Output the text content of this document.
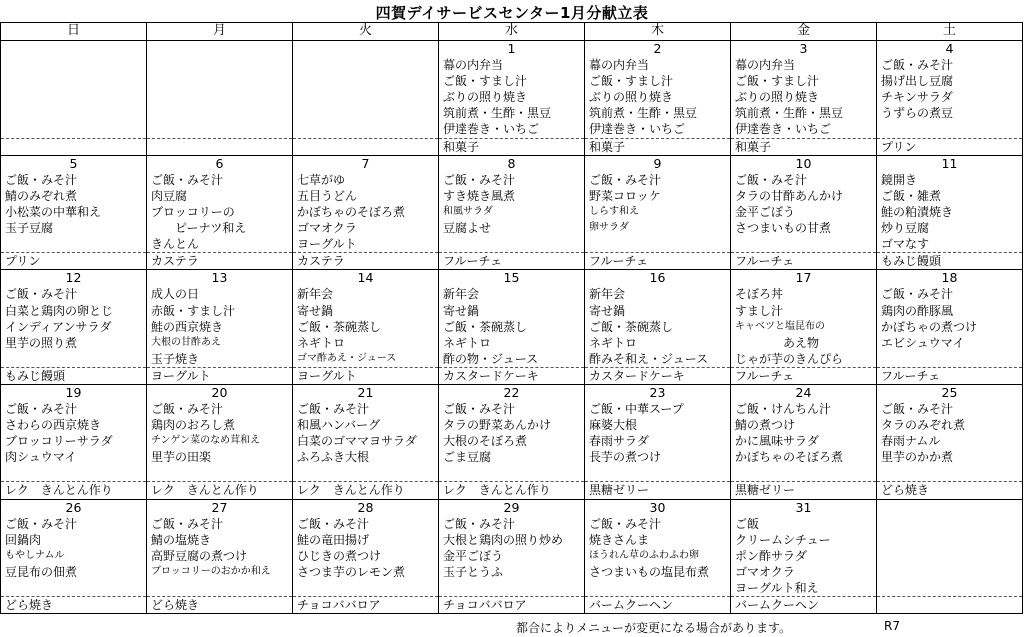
四賀デイサービスセンター1月分献立表
日	月	火	水	木	金	土
			1	2	3	4
			幕の内弁当	幕の内弁当	幕の内弁当	ご飯・みそ汁
			ご飯・すまし汁	ご飯・すまし汁	ご飯・すまし汁	揚げ出し豆腐
			ぶりの照り焼き	ぶりの照り焼き	ぶりの照り焼き	チキンサラダ
			筑前煮・生酢・黒豆	筑前煮・生酢・黒豆	筑前煮・生酢・黒豆	うずらの煮豆
			伊達巻き・いちご	伊達巻き・いちご	伊達巻き・いちご	
			和菓子	和菓子	和菓子	プリン
5	6	7	8	9	10	11
ご飯・みそ汁	ご飯・みそ汁	七草がゆ	ご飯・みそ汁	ご飯・みそ汁	ご飯・みそ汁	鏡開き
鯖のみぞれ煮	肉豆腐	五目うどん	すき焼き風煮	野菜コロッケ	タラの甘酢あんかけ	ご飯・雑煮
小松菜の中華和え	ブロッコリーの	かぼちゃのそぼろ煮	和風サラダ	しらす和え	金平ごぼう	鮭の粕漬焼き
玉子豆腐	　　ピーナツ和え	ゴマオクラ	豆腐よせ	卵サラダ	さつまいもの甘煮	炒り豆腐
	きんとん	ヨーグルト				ゴマなす
プリン	カステラ	カステラ	フルーチェ	フルーチェ	フルーチェ	もみじ饅頭
12	13	14	15	16	17	18
ご飯・みそ汁	成人の日	新年会	新年会	新年会	そぼろ丼	ご飯・みそ汁
白菜と鶏肉の卵とじ	赤飯・すまし汁	寄せ鍋	寄せ鍋	寄せ鍋	すまし汁	鶏肉の酢豚風
インディアンサラダ	鮭の西京焼き	ご飯・茶碗蒸し	ご飯・茶碗蒸し	ご飯・茶碗蒸し	キャベツと塩昆布の	かぼちゃの煮つけ
里芋の照り煮	大根の甘酢あえ	ネギトロ	ネギトロ	ネギトロ	　　　　あえ物	エビシュウマイ
	玉子焼き	ゴマ酢あえ・ジュース	酢の物・ジュース	酢みそ和え・ジュース	じゃが芋のきんぴら	
もみじ饅頭	ヨーグルト	ヨーグルト	カスタードケーキ	カスタードケーキ	フルーチェ	フルーチェ
19	20	21	22	23	24	25
ご飯・みそ汁	ご飯・みそ汁	ご飯・みそ汁	ご飯・みそ汁	ご飯・中華スープ	ご飯・けんちん汁	ご飯・みそ汁
さわらの西京焼き	鶏肉のおろし煮	和風ハンバーグ	タラの野菜あんかけ	麻婆大根	鯖の煮つけ	タラのみぞれ煮
ブロッコリーサラダ	チンゲン菜のなめ茸和え	白菜のゴママヨサラダ	大根のそぼろ煮	春雨サラダ	かに風味サラダ	春雨ナムル
肉シュウマイ	里芋の田楽	ふろふき大根	ごま豆腐	長芋の煮つけ	かぼちゃのそぼろ煮	里芋のかか煮

レク　きんとん作り	レク　きんとん作り	レク　きんとん作り	レク　きんとん作り	黒糖ゼリー	黒糖ゼリー	どら焼き
26	27	28	29	30	31	
ご飯・みそ汁	ご飯・みそ汁	ご飯・みそ汁	ご飯・みそ汁	ご飯・みそ汁	ご飯	
回鍋肉	鯖の塩焼き	鮭の竜田揚げ	大根と鶏肉の照り炒め	焼きさんま	クリームシチュー	
もやしナムル	高野豆腐の煮つけ	ひじきの煮つけ	金平ごぼう	ほうれん草のふわふわ卵	ポン酢サラダ	
豆昆布の佃煮	ブロッコリーのおかか和え	さつま芋のレモン煮	玉子とうふ	さつまいもの塩昆布煮	ゴマオクラ	
					ヨーグルト和え	
どら焼き	どら焼き	チョコババロア	チョコババロア	バームクーヘン	バームクーヘン	
都合によりメニューが変更になる場合があります。	R7
